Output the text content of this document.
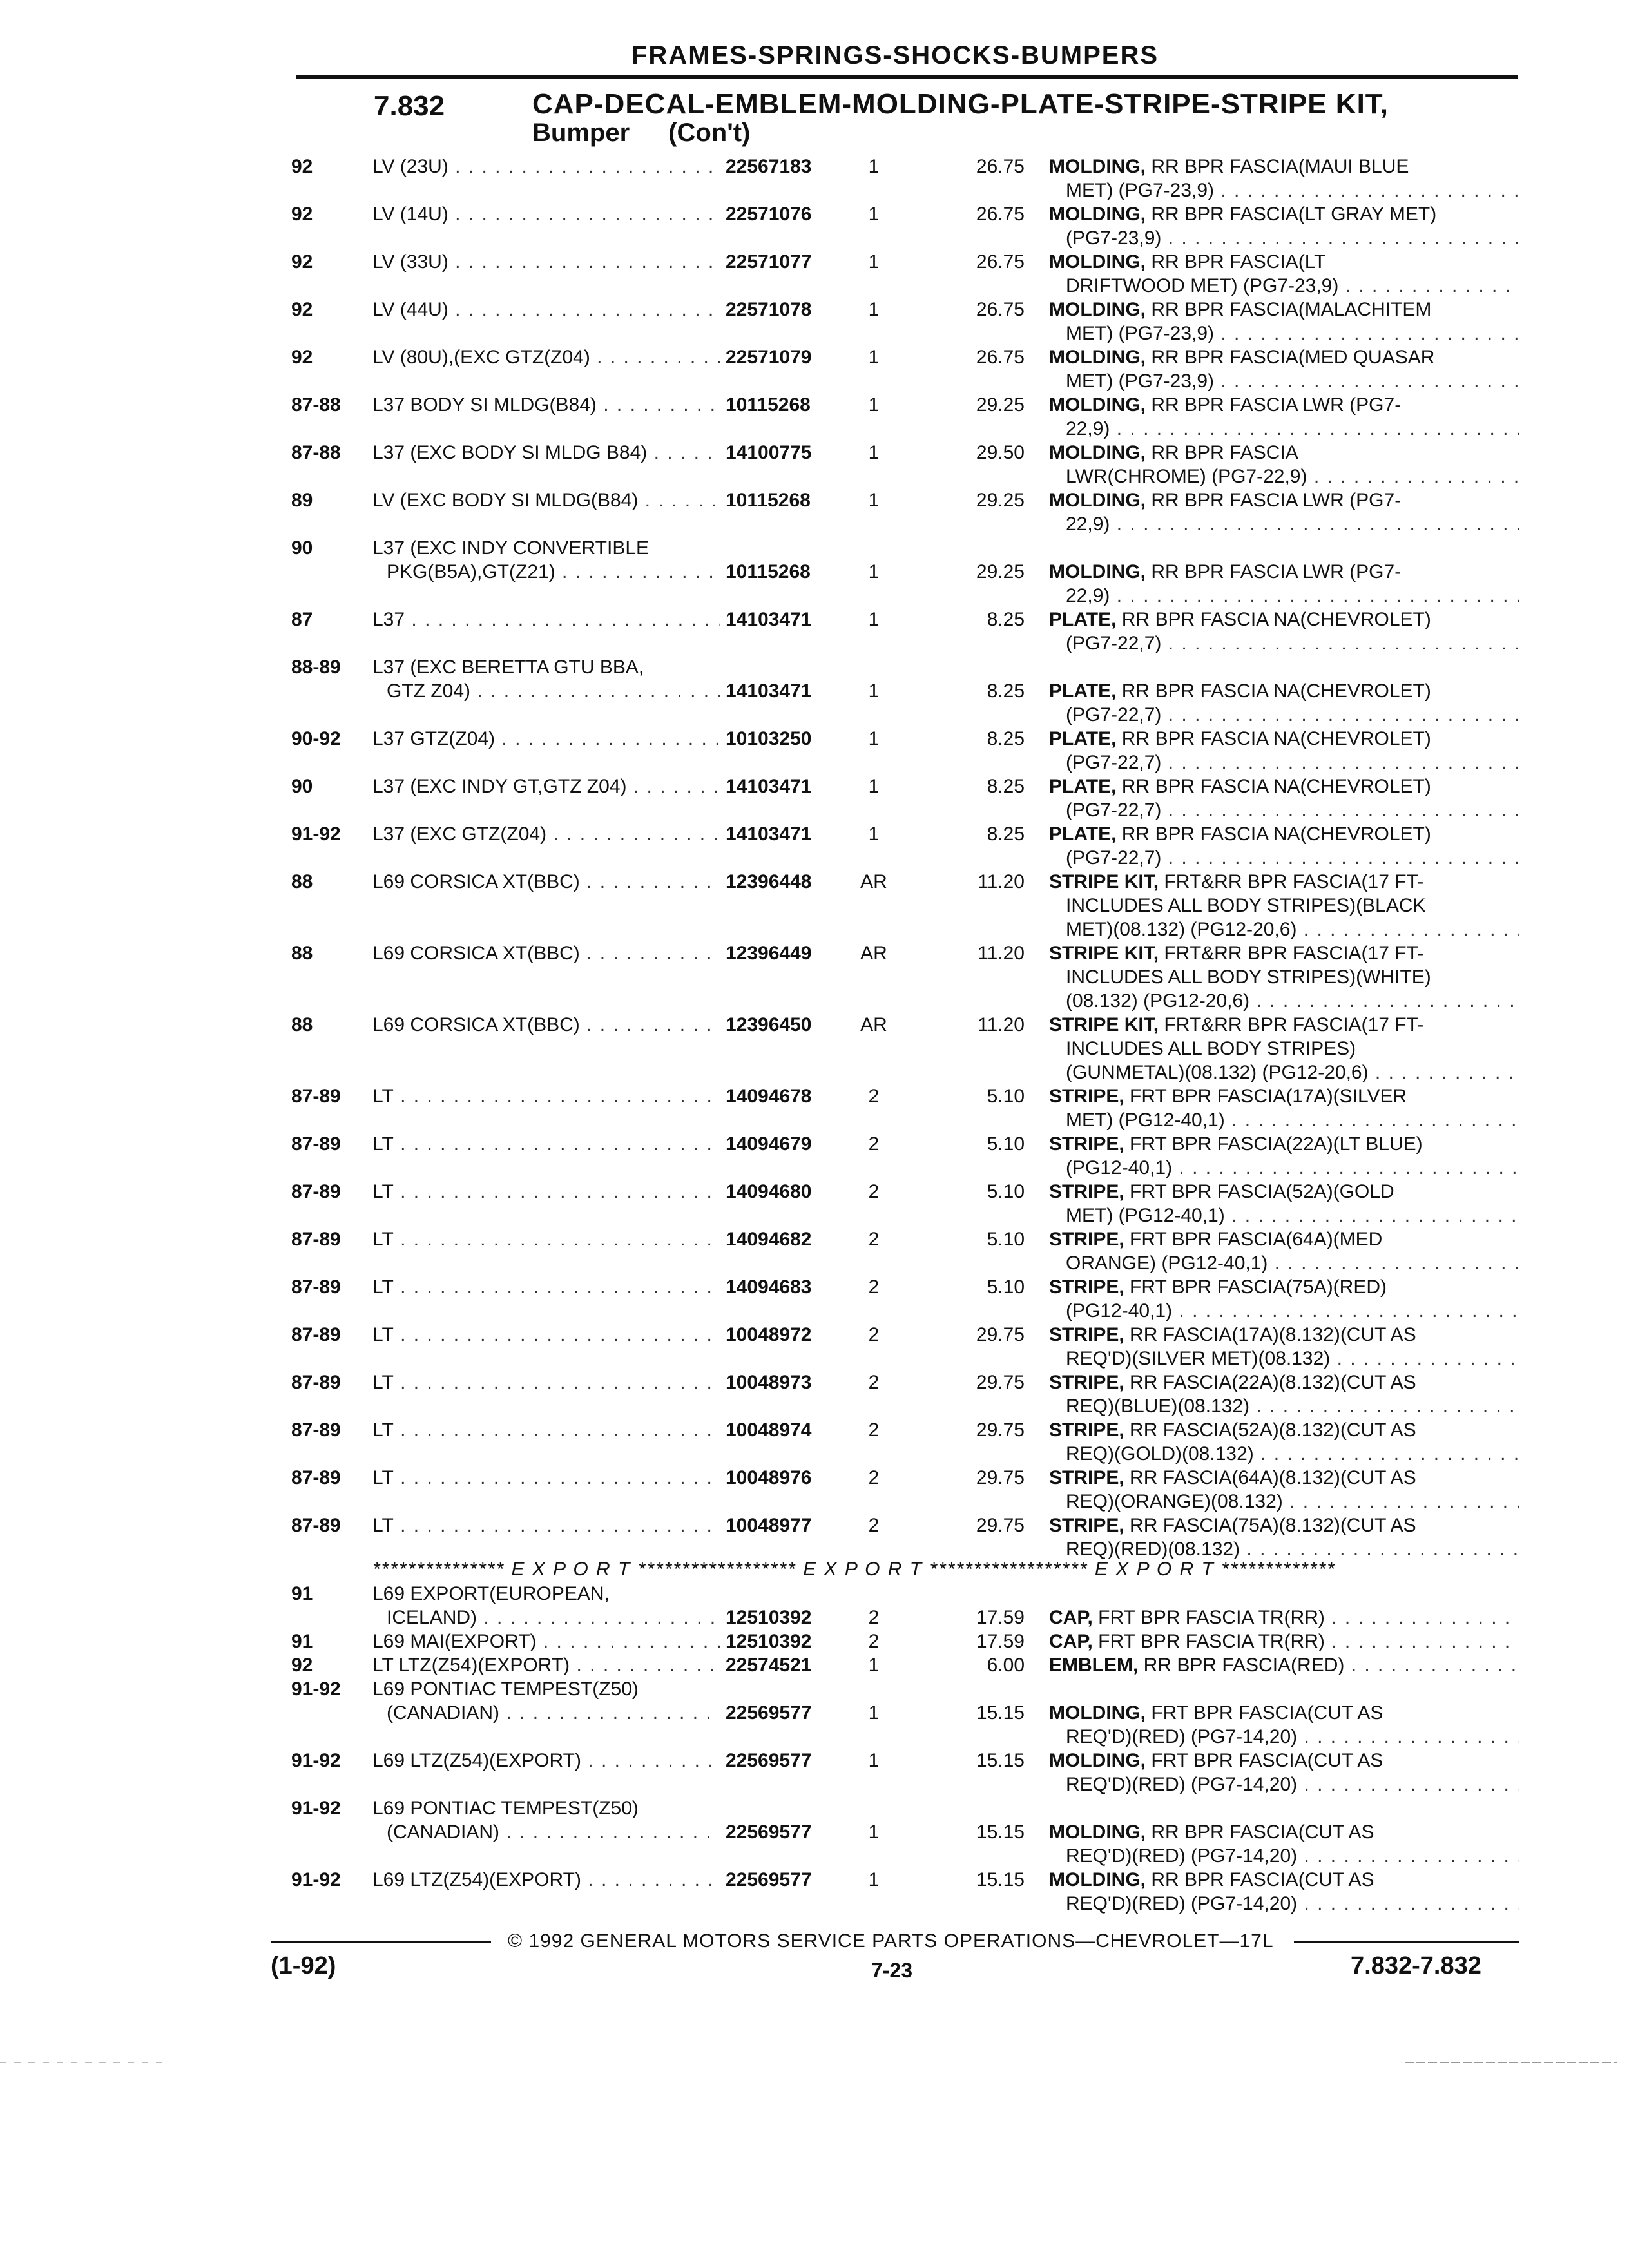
FRAMES-SPRINGS-SHOCKS-BUMPERS
7.832	CAP-DECAL-EMBLEM-MOLDING-PLATE-STRIPE-STRIPE KIT,
Bumper (Con't)
92	LV (23U) . . .	22567183	1	26.75 MOLDING, RR BPR FASCIA(MAUI BLUE
MET) (PG7-23,9) . . .
92	LV (14U) . . .	22571076	1	26.75 MOLDING, RR BPR FASCIA(LT GRAY MET)
(PG7-23,9) . . .
92	LV (33U) . . .	22571077	1	26.75 MOLDING, RR BPR FASCIA(LT
DRIFTWOOD MET) (PG7-23,9) . . .
92	LV (44U) . . .	22571078	1	26.75 MOLDING, RR BPR FASCIA(MALACHITEM
MET) (PG7-23,9) . . .
92	LV (80U),(EXC GTZ(Z04) . . .	22571079	1	26.75 MOLDING, RR BPR FASCIA(MED QUASAR
MET) (PG7-23,9) . . .
87-88	L37 BODY SI MLDG(B84) . . .	10115268	1	29.25 MOLDING, RR BPR FASCIA LWR (PG7-
22,9) . . .
87-88	L37 (EXC BODY SI MLDG B84) . . .	14100775	1	29.50 MOLDING, RR BPR FASCIA
LWR(CHROME) (PG7-22,9) . . .
89	LV (EXC BODY SI MLDG(B84) . . .	10115268	1	29.25 MOLDING, RR BPR FASCIA LWR (PG7-
22,9) . . .
90	L37 (EXC INDY CONVERTIBLE
PKG(B5A),GT(Z21) . . .	10115268	1	29.25 MOLDING, RR BPR FASCIA LWR (PG7-
22,9) . . .
87	L37 . . .	14103471	1	8.25 PLATE, RR BPR FASCIA NA(CHEVROLET)
(PG7-22,7) . . .
88-89	L37 (EXC BERETTA GTU BBA,
GTZ Z04) . . .	14103471	1	8.25 PLATE, RR BPR FASCIA NA(CHEVROLET)
(PG7-22,7) . . .
90-92	L37 GTZ(Z04) . . .	10103250	1	8.25 PLATE, RR BPR FASCIA NA(CHEVROLET)
(PG7-22,7) . . .
90	L37 (EXC INDY GT,GTZ Z04) . . .	14103471	1	8.25 PLATE, RR BPR FASCIA NA(CHEVROLET)
(PG7-22,7) . . .
91-92	L37 (EXC GTZ(Z04) . . .	14103471	1	8.25 PLATE, RR BPR FASCIA NA(CHEVROLET)
(PG7-22,7) . . .
88	L69 CORSICA XT(BBC) . . .	12396448	AR	11.20 STRIPE KIT, FRT&RR BPR FASCIA(17 FT-
INCLUDES ALL BODY STRIPES)(BLACK
MET)(08.132) (PG12-20,6) . . .
88	L69 CORSICA XT(BBC) . . .	12396449	AR	11.20 STRIPE KIT, FRT&RR BPR FASCIA(17 FT-
INCLUDES ALL BODY STRIPES)(WHITE)
(08.132) (PG12-20,6) . . .
88	L69 CORSICA XT(BBC) . . .	12396450	AR	11.20 STRIPE KIT, FRT&RR BPR FASCIA(17 FT-
INCLUDES ALL BODY STRIPES)
(GUNMETAL)(08.132) (PG12-20,6) . . .
87-89	LT . . .	14094678	2	5.10 STRIPE, FRT BPR FASCIA(17A)(SILVER
MET) (PG12-40,1) . . .
87-89	LT . . .	14094679	2	5.10 STRIPE, FRT BPR FASCIA(22A)(LT BLUE)
(PG12-40,1) . . .
87-89	LT . . .	14094680	2	5.10 STRIPE, FRT BPR FASCIA(52A)(GOLD
MET) (PG12-40,1) . . .
87-89	LT . . .	14094682	2	5.10 STRIPE, FRT BPR FASCIA(64A)(MED
ORANGE) (PG12-40,1) . . .
87-89	LT . . .	14094683	2	5.10 STRIPE, FRT BPR FASCIA(75A)(RED)
(PG12-40,1) . . .
87-89	LT . . .	10048972	2	29.75 STRIPE, RR FASCIA(17A)(8.132)(CUT AS
REQ'D)(SILVER MET)(08.132) . . .
87-89	LT . . .	10048973	2	29.75 STRIPE, RR FASCIA(22A)(8.132)(CUT AS
REQ)(BLUE)(08.132) . . .
87-89	LT . . .	10048974	2	29.75 STRIPE, RR FASCIA(52A)(8.132)(CUT AS
REQ)(GOLD)(08.132) . . .
87-89	LT . . .	10048976	2	29.75 STRIPE, RR FASCIA(64A)(8.132)(CUT AS
REQ)(ORANGE)(08.132) . . .
87-89	LT . . .	10048977	2	29.75 STRIPE, RR FASCIA(75A)(8.132)(CUT AS
REQ)(RED)(08.132) . . .
*************** E X P O R T ****************** E X P O R T ****************** E X P O R T *************
91	L69 EXPORT(EUROPEAN,
ICELAND) . . .	12510392	2	17.59 CAP, FRT BPR FASCIA TR(RR) . . .
91	L69 MAI(EXPORT) . . .	12510392	2	17.59 CAP, FRT BPR FASCIA TR(RR) . . .
92	LT LTZ(Z54)(EXPORT) . . .	22574521	1	6.00 EMBLEM, RR BPR FASCIA(RED) . . .
91-92	L69 PONTIAC TEMPEST(Z50)
(CANADIAN) . . .	22569577	1	15.15 MOLDING, FRT BPR FASCIA(CUT AS
REQ'D)(RED) (PG7-14,20) . . .
91-92	L69 LTZ(Z54)(EXPORT) . . .	22569577	1	15.15 MOLDING, FRT BPR FASCIA(CUT AS
REQ'D)(RED) (PG7-14,20) . . .
91-92	L69 PONTIAC TEMPEST(Z50)
(CANADIAN) . . .	22569577	1	15.15 MOLDING, RR BPR FASCIA(CUT AS
REQ'D)(RED) (PG7-14,20) . . .
91-92	L69 LTZ(Z54)(EXPORT) . . .	22569577	1	15.15 MOLDING, RR BPR FASCIA(CUT AS
REQ'D)(RED) (PG7-14,20) . . .
© 1992 GENERAL MOTORS SERVICE PARTS OPERATIONS—CHEVROLET—17L
(1-92)	7-23	7.832-7.832
